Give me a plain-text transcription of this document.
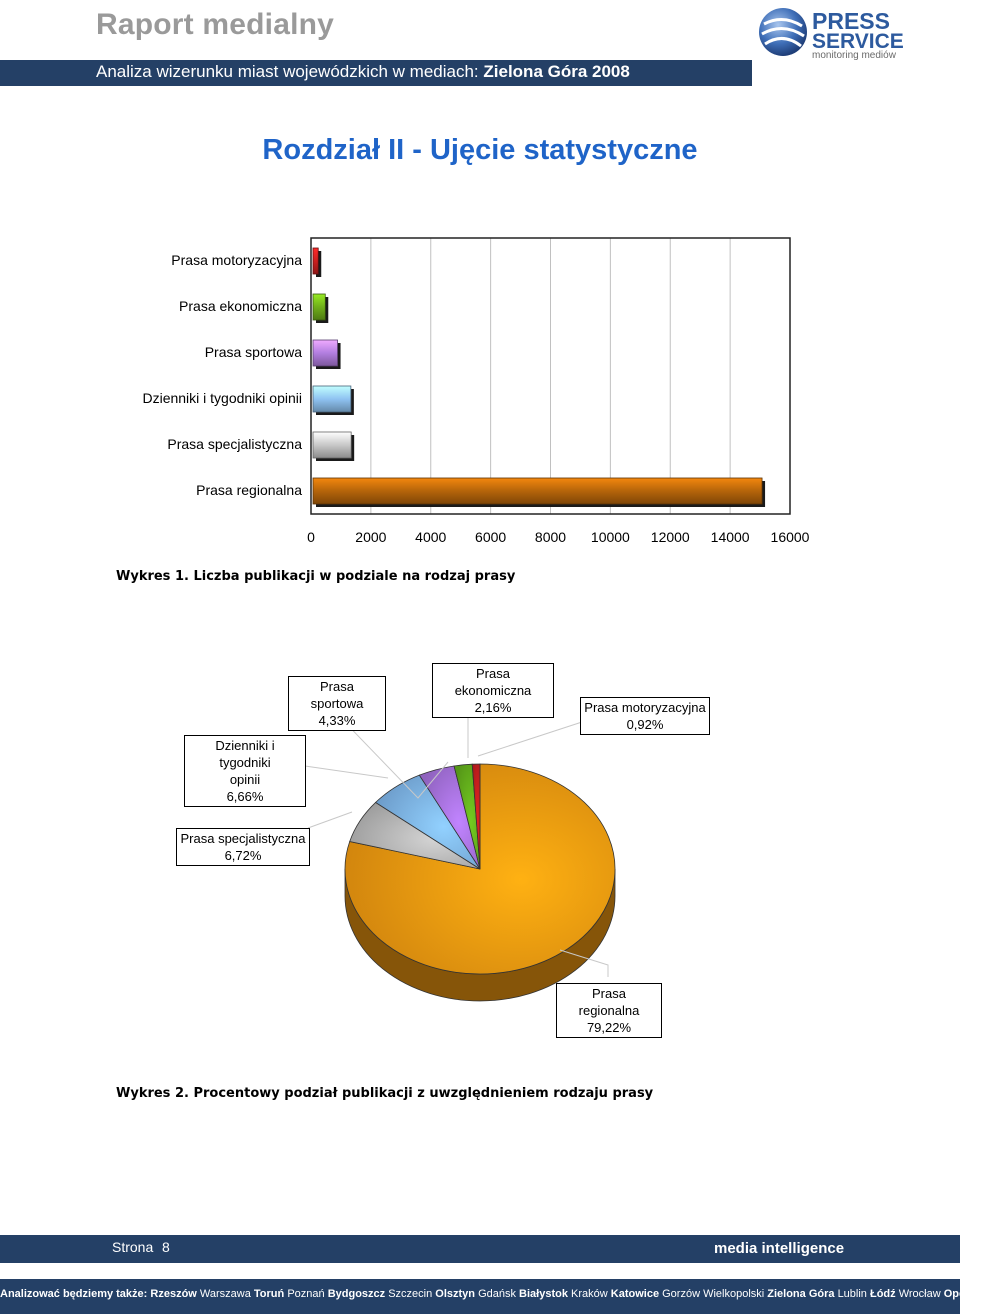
Raport medialny	PRESS
SERVICE
monitoring mediów
Analiza wizerunku miast wojewódzkich w mediach: Zielona Góra 2008
Rozdział II - Ujęcie statystyczne
Prasa motoryzacyjna
Prasa ekonomiczna
Prasa sportowa
Dzienniki i tygodniki opinii
Prasa specjalistyczna
Prasa regionalna
0	2000 4000 6000 8000 10000 12000 14000 16000
Wykres 1. Liczba publikacji w podziale na rodzaj prasy
Prasa sportowa
4,33%
Prasa ekonomiczna
2,16%	Prasa motoryzacyjna
0,92%
Dzienniki i tygodniki
opinii
6,66%
Prasa specjalistyczna
6,72%
Prasa regionalna
79,22%
Wykres 2. Procentowy podział publikacji z uwzględnieniem rodzaju prasy
Strona 8	media intelligence
Analizować będziemy także: Rzeszów Warszawa Toruń Poznań Bydgoszcz Szczecin Olsztyn Gdańsk Białystok Kraków Katowice Gorzów Wielkopolski Zielona Góra Lublin Łódź Wrocław Opole Kielce
